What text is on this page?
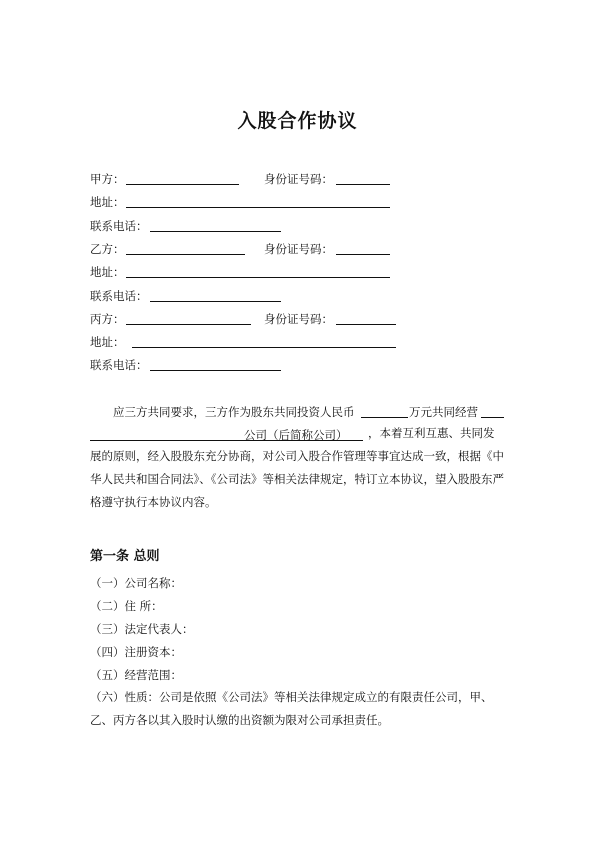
入股合作协议
甲方：	身份证号码：
地址：
联系电话：
乙方：	身份证号码：
地址：
联系电话：
丙方：	身份证号码：
地址：
联系电话：
应三方共同要求，三方作为股东共同投资人民币	万元共同经营
公司（后简称公司）	，本着互利互惠、共同发展的原则，经入股股东充分协商，对公司入股合作管理等事宜达成一致，根据《中华人民共和国合同法》、《公司法》等相关法律规定，特订立本协议，望入股股东严格遵守执行本协议内容。
第一条 总则
（一）公司名称：
（二）住 所：
（三）法定代表人：
（四）注册资本：
（五）经营范围：
（六）性质：公司是依照《公司法》等相关法律规定成立的有限责任公司，甲、乙、丙方各以其入股时认缴的出资额为限对公司承担责任。
